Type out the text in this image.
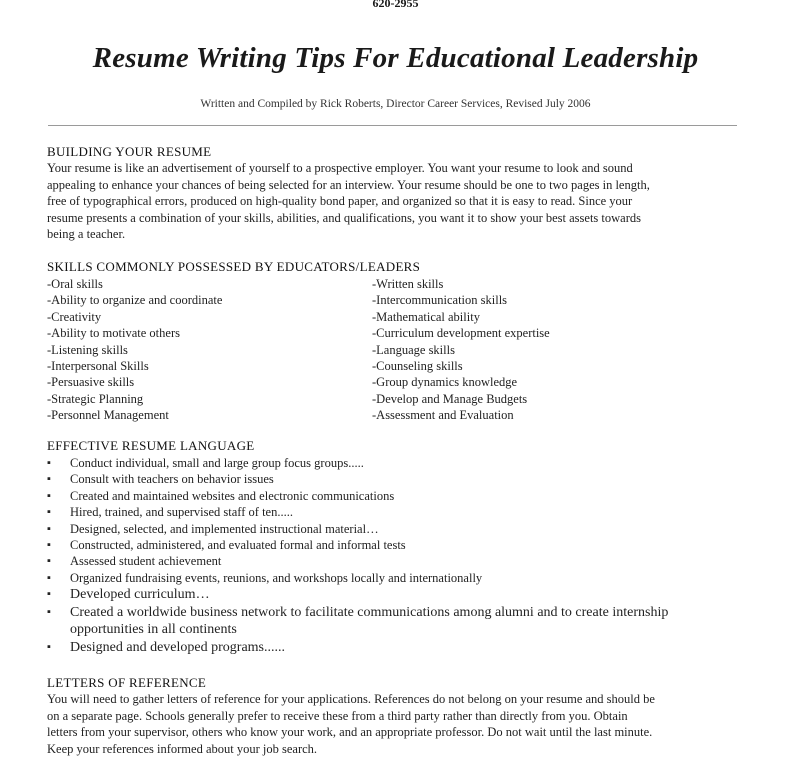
620-2955
Resume Writing Tips For Educational Leadership
Written and Compiled by Rick Roberts, Director Career Services, Revised July 2006
BUILDING YOUR RESUME

Your resume is like an advertisement of yourself to a prospective employer. You want your resume to look and sound

appealing to enhance your chances of being selected for an interview. Your resume should be one to two pages in length,

free of typographical errors, produced on high-quality bond paper, and organized so that it is easy to read. Since your

resume presents a combination of your skills, abilities, and qualifications, you want it to show your best assets towards

being a teacher.

SKILLS COMMONLY POSSESSED BY EDUCATORS/LEADERS
-Oral skills
-Ability to organize and coordinate
-Creativity
-Ability to motivate others
-Listening skills
-Interpersonal Skills
-Persuasive skills
-Strategic Planning
-Personnel Management
-Written skills
-Intercommunication skills
-Mathematical ability
-Curriculum development expertise
-Language skills
-Counseling skills
-Group dynamics knowledge
-Develop and Manage Budgets
-Assessment and Evaluation
EFFECTIVE RESUME LANGUAGE
▪ Conduct individual, small and large group focus groups.....
▪ Consult with teachers on behavior issues
▪ Created and maintained websites and electronic communications
▪ Hired, trained, and supervised staff of ten.....
▪ Designed, selected, and implemented instructional material…
▪ Constructed, administered, and evaluated formal and informal tests
▪ Assessed student achievement
▪ Organized fundraising events, reunions, and workshops locally and internationally
▪ Developed curriculum…
▪ Created a worldwide business network to facilitate communications among alumni and to create internship
opportunities in all continents
▪ Designed and developed programs......
LETTERS OF REFERENCE

You will need to gather letters of reference for your applications. References do not belong on your resume and should be

on a separate page. Schools generally prefer to receive these from a third party rather than directly from you. Obtain

letters from your supervisor, others who know your work, and an appropriate professor. Do not wait until the last minute.

Keep your references informed about your job search.
